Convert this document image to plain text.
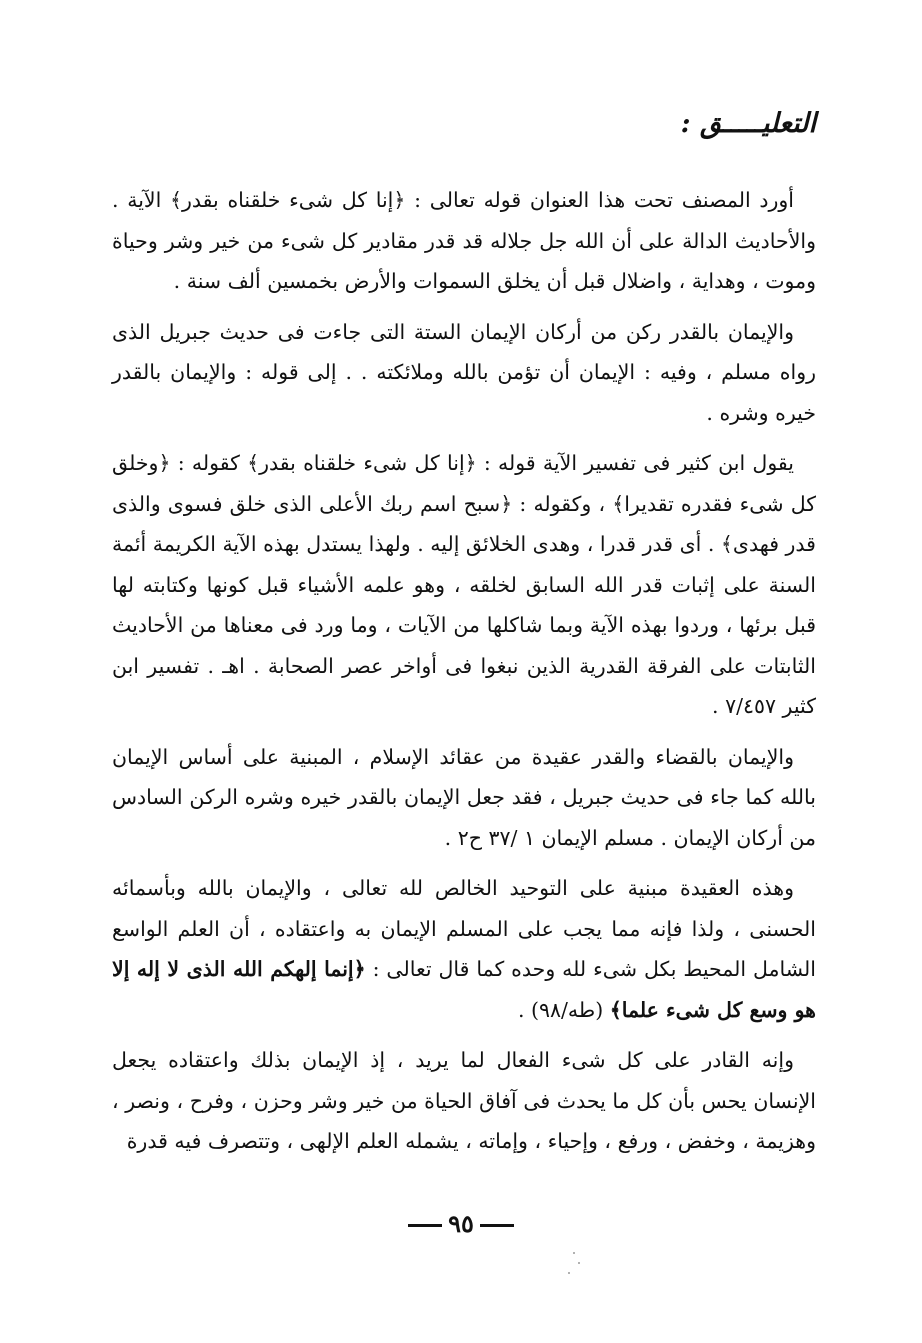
التعليـــــق :

أورد المصنف تحت هذا العنوان قوله تعالى : ﴿إنا كل شىء خلقناه بقدر﴾ الآية . والأحاديث الدالة على أن الله جل جلاله قد قدر مقادير كل شىء من خير وشر وحياة وموت ، وهداية ، واضلال قبل أن يخلق السموات والأرض بخمسين ألف سنة .

والإيمان بالقدر ركن من أركان الإيمان الستة التى جاءت فى حديث جبريل الذى رواه مسلم ، وفيه : الإيمان أن تؤمن بالله وملائكته . . إلى قوله : والإيمان بالقدر خيره وشره .

يقول ابن كثير فى تفسير الآية قوله : ﴿إنا كل شىء خلقناه بقدر﴾ كقوله : ﴿وخلق كل شىء فقدره تقديرا﴾ ، وكقوله : ﴿سبح اسم ربك الأعلى الذى خلق فسوى والذى قدر فهدى﴾ . أى قدر قدرا ، وهدى الخلائق إليه . ولهذا يستدل بهذه الآية الكريمة أئمة السنة على إثبات قدر الله السابق لخلقه ، وهو علمه الأشياء قبل كونها وكتابته لها قبل برئها ، وردوا بهذه الآية وبما شاكلها من الآيات ، وما ورد فى معناها من الأحاديث الثابتات على الفرقة القدرية الذين نبغوا فى أواخر عصر الصحابة . اهـ . تفسير ابن كثير ٧/٤٥٧ .

والإيمان بالقضاء والقدر عقيدة من عقائد الإسلام ، المبنية على أساس الإيمان بالله كما جاء فى حديث جبريل ، فقد جعل الإيمان بالقدر خيره وشره الركن السادس من أركان الإيمان . مسلم الإيمان ١ /٣٧ ح٢ .

وهذه العقيدة مبنية على التوحيد الخالص لله تعالى ، والإيمان بالله وبأسمائه الحسنى ، ولذا فإنه مما يجب على المسلم الإيمان به واعتقاده ، أن العلم الواسع الشامل المحيط بكل شىء لله وحده كما قال تعالى : ﴿إنما إلهكم الله الذى لا إله إلا هو وسع كل شىء علما﴾ (طه/٩٨) .

وإنه القادر على كل شىء الفعال لما يريد ، إذ الإيمان بذلك واعتقاده يجعل الإنسان يحس بأن كل ما يحدث فى آفاق الحياة من خير وشر وحزن ، وفرح ، ونصر ، وهزيمة ، وخفض ، ورفع ، وإحياء ، وإماته ، يشمله العلم الإلهى ، وتتصرف فيه قدرة

٩٥
